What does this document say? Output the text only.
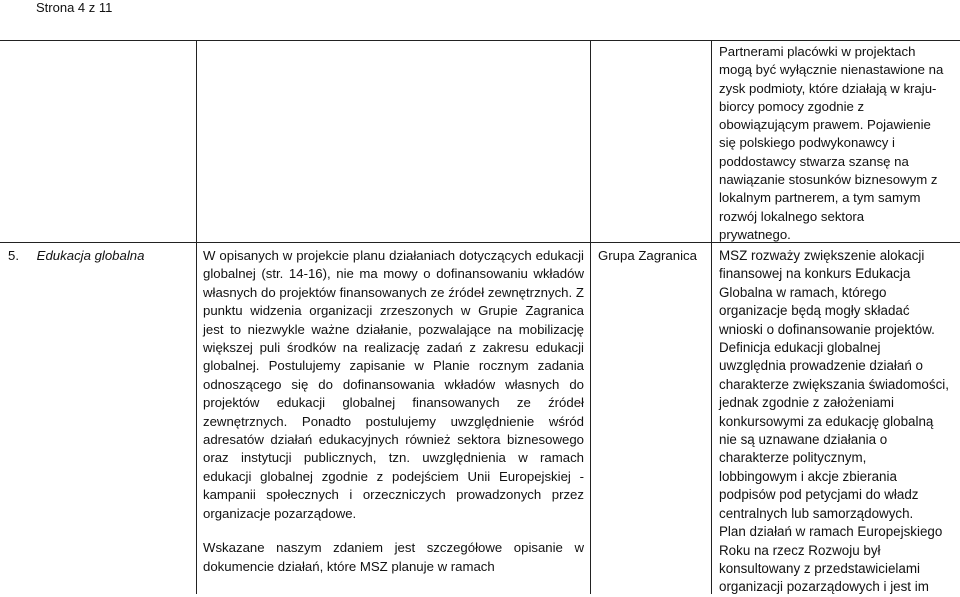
Strona 4 z 11
Partnerami placówki w projektach
mogą być wyłącznie nienastawione na
zysk podmioty, które działają w kraju-
biorcy pomocy zgodnie z
obowiązującym prawem. Pojawienie
się polskiego podwykonawcy i
poddostawcy stwarza szansę na
nawiązanie stosunków biznesowym z
lokalnym partnerem, a tym samym
rozwój lokalnego sektora
prywatnego.
5. Edukacja globalna	W opisanych w projekcie planu działaniach dotyczących edukacji globalnej (str. 14-16), nie ma mowy o dofinansowaniu wkładów własnych do projektów finansowanych ze źródeł zewnętrznych. Z punktu widzenia organizacji zrzeszonych w Grupie Zagranica jest to niezwykle ważne działanie, pozwalające na mobilizację większej puli środków na realizację zadań z zakresu edukacji globalnej. Postulujemy zapisanie w Planie rocznym zadania odnoszącego się do dofinansowania wkładów własnych do projektów edukacji globalnej finansowanych ze źródeł zewnętrznych. Ponadto postulujemy uwzględnienie wśród adresatów działań edukacyjnych również sektora biznesowego oraz instytucji publicznych, tzn. uwzględnienia w ramach edukacji globalnej zgodnie z podejściem Unii Europejskiej - kampanii społecznych i orzeczniczych prowadzonych przez organizacje pozarządowe.

Wskazane naszym zdaniem jest szczegółowe opisanie w dokumencie działań, które MSZ planuje w ramach

Grupa Zagranica	MSZ rozważy zwiększenie alokacji
finansowej na konkurs Edukacja
Globalna w ramach, którego
organizacje będą mogły składać
wnioski o dofinansowanie projektów.
Definicja edukacji globalnej
uwzględnia prowadzenie działań o
charakterze zwiększania świadomości,
jednak zgodnie z założeniami
konkursowymi za edukację globalną
nie są uznawane działania o
charakterze politycznym,
lobbingowym i akcje zbierania
podpisów pod petycjami do władz
centralnych lub samorządowych.
Plan działań w ramach Europejskiego
Roku na rzecz Rozwoju był
konsultowany z przedstawicielami
organizacji pozarządowych i jest im
